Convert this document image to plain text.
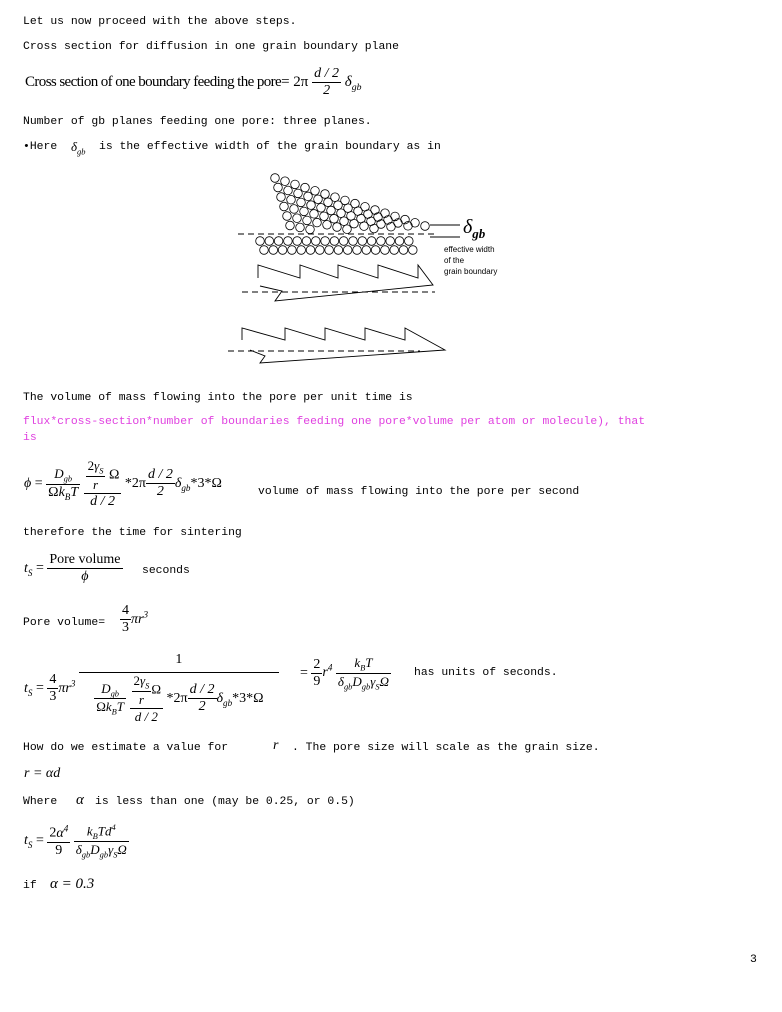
Let us now proceed with the above steps.
Cross section for diffusion in one grain boundary plane
Cross section of one boundary feeding the pore= $2\pi \frac{d / 2}{2} \delta_{gb}$
Number of gb planes feeding one pore: three planes.
•Here $\delta_{gb}$ is the effective width of the grain boundary as in
$\delta_{gb}$
effective width
of the
grain boundary
The volume of mass flowing into the pore per unit time is
flux*cross-section*number of boundaries feeding one pore*volume per atom or molecule), that
is
ϕ =
$D_{gb}$
$\Omega k_BT$
$\frac{2\gamma_S}{r}$ Ω
d / 2
$*2\pi \frac{d / 2}{2} \delta_{gb}*3*\Omega$
volume of mass flowing into the pore per second
therefore the time for sintering
$t_S$ =
Pore volume
ϕ	seconds
Pore volume= $\frac{4}{3} \pi r^3$
$t_S = \frac{4}{3} \pi r^3$
1
$D_{gb}$
$\Omega k_BT$
$\frac{2\gamma_S}{r}$ Ω
d / 2
$*2\pi \frac{d / 2}{2} \delta_{gb}*3*\Omega$
= $\frac{2}{9} r^4$	$k_BT$
$\delta_{gb}D_{gb}\gamma_S\Omega$
has units of seconds.
How do we estimate a value for	r . The pore size will scale as the grain size.
r = αd
Where α is less than one (may be 0.25, or 0.5)
$t_S = \frac{2\alpha^4}{9}$
	$k_BTd^4$
$\delta_{gb}D_{gb}\gamma_S\Omega$
if α = 0.3
3
